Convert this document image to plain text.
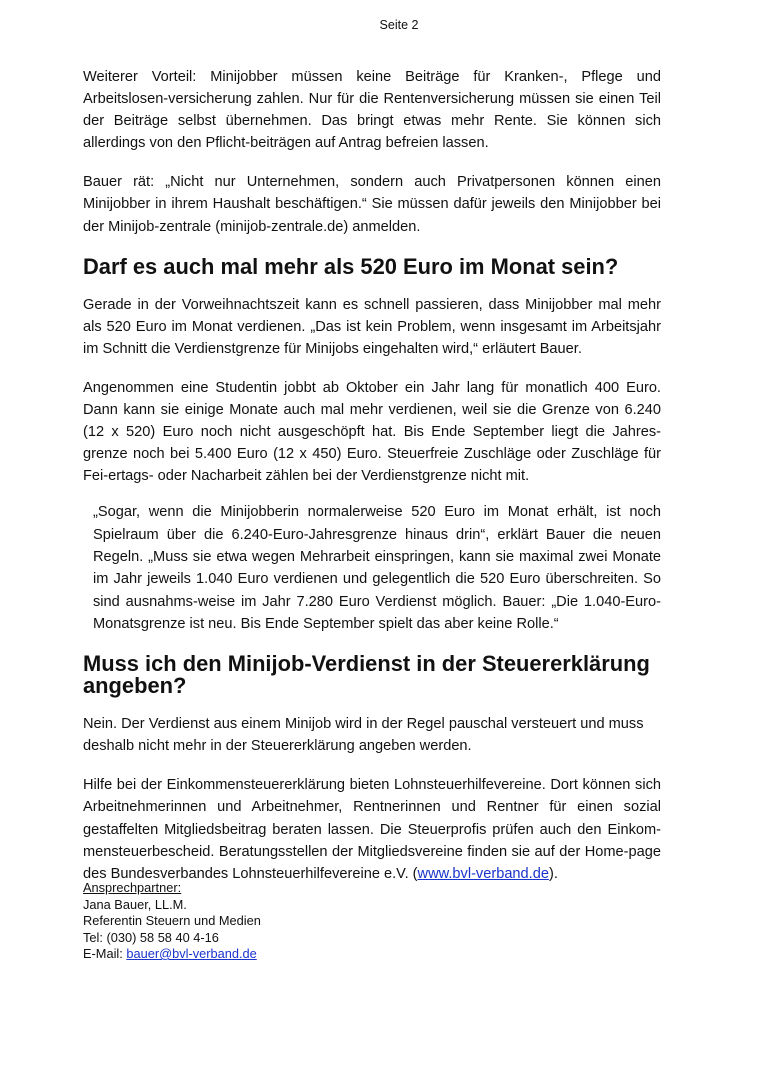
Seite 2

Weiterer Vorteil: Minijobber müssen keine Beiträge für Kranken-, Pflege und Arbeitslosen-versicherung zahlen. Nur für die Rentenversicherung müssen sie einen Teil der Beiträge selbst übernehmen. Das bringt etwas mehr Rente. Sie können sich allerdings von den Pflicht-beiträgen auf Antrag befreien lassen.

Bauer rät: „Nicht nur Unternehmen, sondern auch Privatpersonen können einen Minijobber in ihrem Haushalt beschäftigen.“ Sie müssen dafür jeweils den Minijobber bei der Minijob-zentrale (minijob-zentrale.de) anmelden.

Darf es auch mal mehr als 520 Euro im Monat sein?

Gerade in der Vorweihnachtszeit kann es schnell passieren, dass Minijobber mal mehr als 520 Euro im Monat verdienen. „Das ist kein Problem, wenn insgesamt im Arbeitsjahr im Schnitt die Verdienstgrenze für Minijobs eingehalten wird,“ erläutert Bauer.

Angenommen eine Studentin jobbt ab Oktober ein Jahr lang für monatlich 400 Euro. Dann kann sie einige Monate auch mal mehr verdienen, weil sie die Grenze von 6.240 (12 x 520) Euro noch nicht ausgeschöpft hat. Bis Ende September liegt die Jahres-grenze noch bei 5.400 Euro (12 x 450) Euro. Steuerfreie Zuschläge oder Zuschläge für Fei-ertags- oder Nacharbeit zählen bei der Verdienstgrenze nicht mit.

„Sogar, wenn die Minijobberin normalerweise 520 Euro im Monat erhält, ist noch Spielraum über die 6.240-Euro-Jahresgrenze hinaus drin“, erklärt Bauer die neuen Regeln. „Muss sie etwa wegen Mehrarbeit einspringen, kann sie maximal zwei Monate im Jahr jeweils 1.040 Euro verdienen und gelegentlich die 520 Euro überschreiten. So sind ausnahms-weise im Jahr 7.280 Euro Verdienst möglich. Bauer: „Die 1.040-Euro-Monatsgrenze ist neu. Bis Ende September spielt das aber keine Rolle.“

Muss ich den Minijob-Verdienst in der Steuererklärung angeben?

Nein. Der Verdienst aus einem Minijob wird in der Regel pauschal versteuert und muss deshalb nicht mehr in der Steuererklärung angeben werden.

Hilfe bei der Einkommensteuererklärung bieten Lohnsteuerhilfevereine. Dort können sich Arbeitnehmerinnen und Arbeitnehmer, Rentnerinnen und Rentner für einen sozial gestaffelten Mitgliedsbeitrag beraten lassen. Die Steuerprofis prüfen auch den Einkom-mensteuerbescheid. Beratungsstellen der Mitgliedsvereine finden sie auf der Home-page des Bundesverbandes Lohnsteuerhilfevereine e.V. (www.bvl-verband.de).

Ansprechpartner:
Jana Bauer, LL.M.
Referentin Steuern und Medien
Tel: (030) 58 58 40 4-16
E-Mail: bauer@bvl-verband.de
